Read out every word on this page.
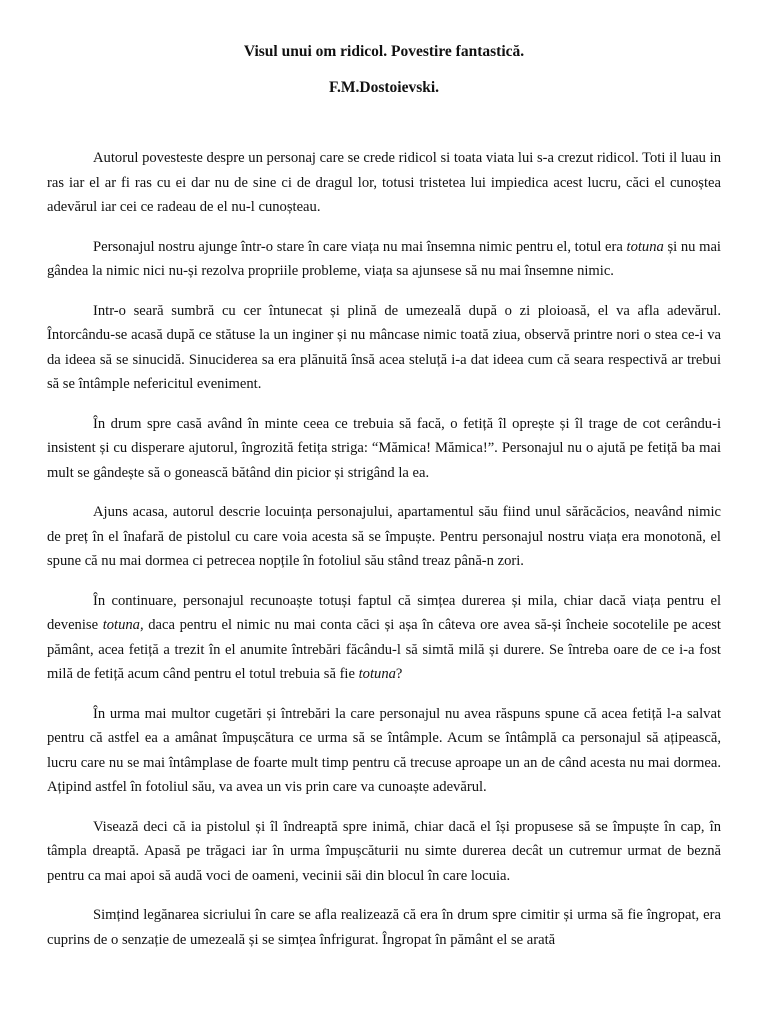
Visul unui om ridicol. Povestire fantastică.
F.M.Dostoievski.

Autorul povesteste despre un personaj care se crede ridicol si toata viata lui s-a crezut ridicol. Toti il luau in ras iar el ar fi ras cu ei dar nu de sine ci de dragul lor, totusi tristetea lui impiedica acest lucru, căci el cunoștea adevărul iar cei ce radeau de el nu-l cunoșteau.

Personajul nostru ajunge într-o stare în care viața nu mai însemna nimic pentru el, totul era totuna și nu mai gândea la nimic nici nu-și rezolva propriile probleme, viața sa ajunsese să nu mai însemne nimic.

Intr-o seară sumbră cu cer întunecat și plină de umezeală după o zi ploioasă, el va afla adevărul. Întorcându-se acasă după ce stătuse la un inginer și nu mâncase nimic toată ziua, observă printre nori o stea ce-i va da ideea să se sinucidă. Sinuciderea sa era plănuită însă acea steluță i-a dat ideea cum că seara respectivă ar trebui să se întâmple nefericitul eveniment.

În drum spre casă având în minte ceea ce trebuia să facă, o fetiță îl oprește și îl trage de cot cerându-i insistent și cu disperare ajutorul, îngrozită fetița striga: “Mămica! Mămica!”. Personajul nu o ajută pe fetiță ba mai mult se gândește să o gonească bătând din picior și strigând la ea.

Ajuns acasa, autorul descrie locuința personajului, apartamentul său fiind unul sărăcăcios, neavând nimic de preț în el înafară de pistolul cu care voia acesta să se împuște. Pentru personajul nostru viața era monotonă, el spune că nu mai dormea ci petrecea nopțile în fotoliul său stând treaz până-n zori.

În continuare, personajul recunoaște totuși faptul că simțea durerea și mila, chiar dacă viața pentru el devenise totuna, daca pentru el nimic nu mai conta căci și așa în câteva ore avea să-și încheie socotelile pe acest pământ, acea fetiță a trezit în el anumite întrebări făcându-l să simtă milă și durere. Se întreba oare de ce i-a fost milă de fetiță acum când pentru el totul trebuia să fie totuna?

În urma mai multor cugetări și întrebări la care personajul nu avea răspuns spune că acea fetiță l-a salvat pentru că astfel ea a amânat împușcătura ce urma să se întâmple. Acum se întâmplă ca personajul să ațipească, lucru care nu se mai întâmplase de foarte mult timp pentru că trecuse aproape un an de când acesta nu mai dormea. Ațipind astfel în fotoliul său, va avea un vis prin care va cunoaște adevărul.

Visează deci că ia pistolul și îl îndreaptă spre inimă, chiar dacă el își propusese să se împuște în cap, în tâmpla dreaptă. Apasă pe trăgaci iar în urma împușcăturii nu simte durerea decât un cutremur urmat de beznă pentru ca mai apoi să audă voci de oameni, vecinii săi din blocul în care locuia.

Simțind legănarea sicriului în care se afla realizează că era în drum spre cimitir și urma să fie îngropat, era cuprins de o senzație de umezeală și se simțea înfrigurat. Îngropat în pământ el se arată
